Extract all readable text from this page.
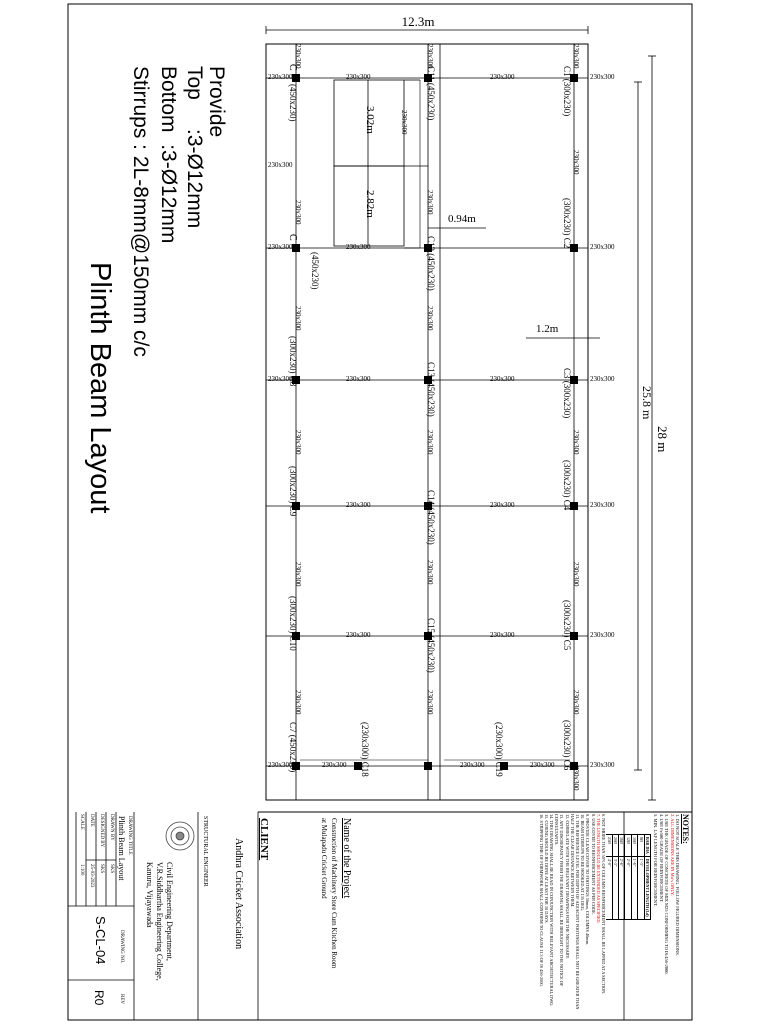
12.3m
0.94m
1.2m
28 m
25.8 m
3.02m
2.82m
C1 (300x230)
(300x230) C2
C3 (300x230)
(300x230) C4
(300x230) C5
(300x230) C6
C11 (450x230)
C12 (450x230)
C13 (450x230)
C14 (450x230)
C15 (450x230)
C
(450x230)
C
(450x230)
(300x230) C8
(300x230) C9
(300x230) C10
C7 (450x230)	(230x300) C18	(230x300) C19
230x300	230x300	230x300
230x300	230x300	230x300	230x300
230x300
230x300
230x300	230x300
230x300	230x300	230x300	230x300
230x300	230x300	230x300
230x300	230x300	230x300
230x300	230x300	230x300	230x300	230x300
230x300
230x300
230x300
230x300
230x300
230x300
230x300
230x300
230x300
230x300
230x300
230x300
230x300
230x300
230x300
230x300
Provide
Top     :3-Ø12mm
Bottom  :3-Ø12mm
Stirrups : 2L-8mm@150mm c/c
Plinth Beam Layout
NOTES:
1. DO NOT SCALE THIS DRAWING. FOLLOW FIGURED DIMENSIONS.
2. ALL DIMENSIONS ARE IN Mtr's ONLY.
3. USE THE GRADE OF CONCRETE OF MIX M25 CONFORMING TO IS:456-2000.
4. USE Fe500 GRADE OF REINFORCEMENT.
5. MIN. LAP LENGTH FOR REINFORCEMENT.
BAR DIA	DEVELOPMENT LENGTH (Ld)
8Ø	1'-3"
10Ø	1'-6"
12Ø	2'-0"
16Ø	2'-6"
20Ø	3'-3"
25Ø	4'-0"
6. NOT MORE THAN 50% OF COLUMN REINFORCEMENT SHALL BE LAPPED AT A SECTION.
7. THE LENGTH SHOULD BE EXTENDED AS SPECIFIED.
8. USE COVER TO REINFORCEMENT AS PER CODE.
9. PROVIDE CLEAR COVER TO FOOTINGS 50mm, COLUMNS 40mm.
10. BEAM STIRRUPS TO BE HOOKED AT 135 DEG.
11. THE REFERENCE LEVEL FOR DEPTH OF ADJACENT FOOTINGS SHALL NOT BE GREATER THAN HALF THE CLEAR DISTANCE BETWEEN THEM.
12. CORRELATE WITH THE RELEVANT DRAWINGS FOR THE NECESSARY.
13. ANY DISCREPANCY FROM THE DRAWING SHALL BE BROUGHT TO THE NOTICE OF CONSULTANTS.
14. THIS DRAWING SHALL BE READ IN CONJUNCTION WITH RELEVANT ARCHITECTURAL DWG.
15. CURING SHOULD BE DONE AT LEAST FOR 10 DAYS.
16. STRIPPING TIME OF FORMWORK SHALL CONFORM TO CLAUSE 11.3 OF IS 456-2000.
CLIENT
Andhra Cricket Association	Name of the Project
Construction of Machinery Store Cum Kitchen Room
at Mulapadu Cricket Ground
STRUCTURAL ENGINEER
Civil Engineering Department,
V.R.Siddhartha Engineering College,
Kanuru, Vijayawada
DRAWING TITLE
Plinth Beam Layout
DRAWN BY
SKS
DESIGNED BY
SKS
DATE
25-03-2023
SCALE
1:100
DRAWING NO.
S-CL-04
REV
R0
